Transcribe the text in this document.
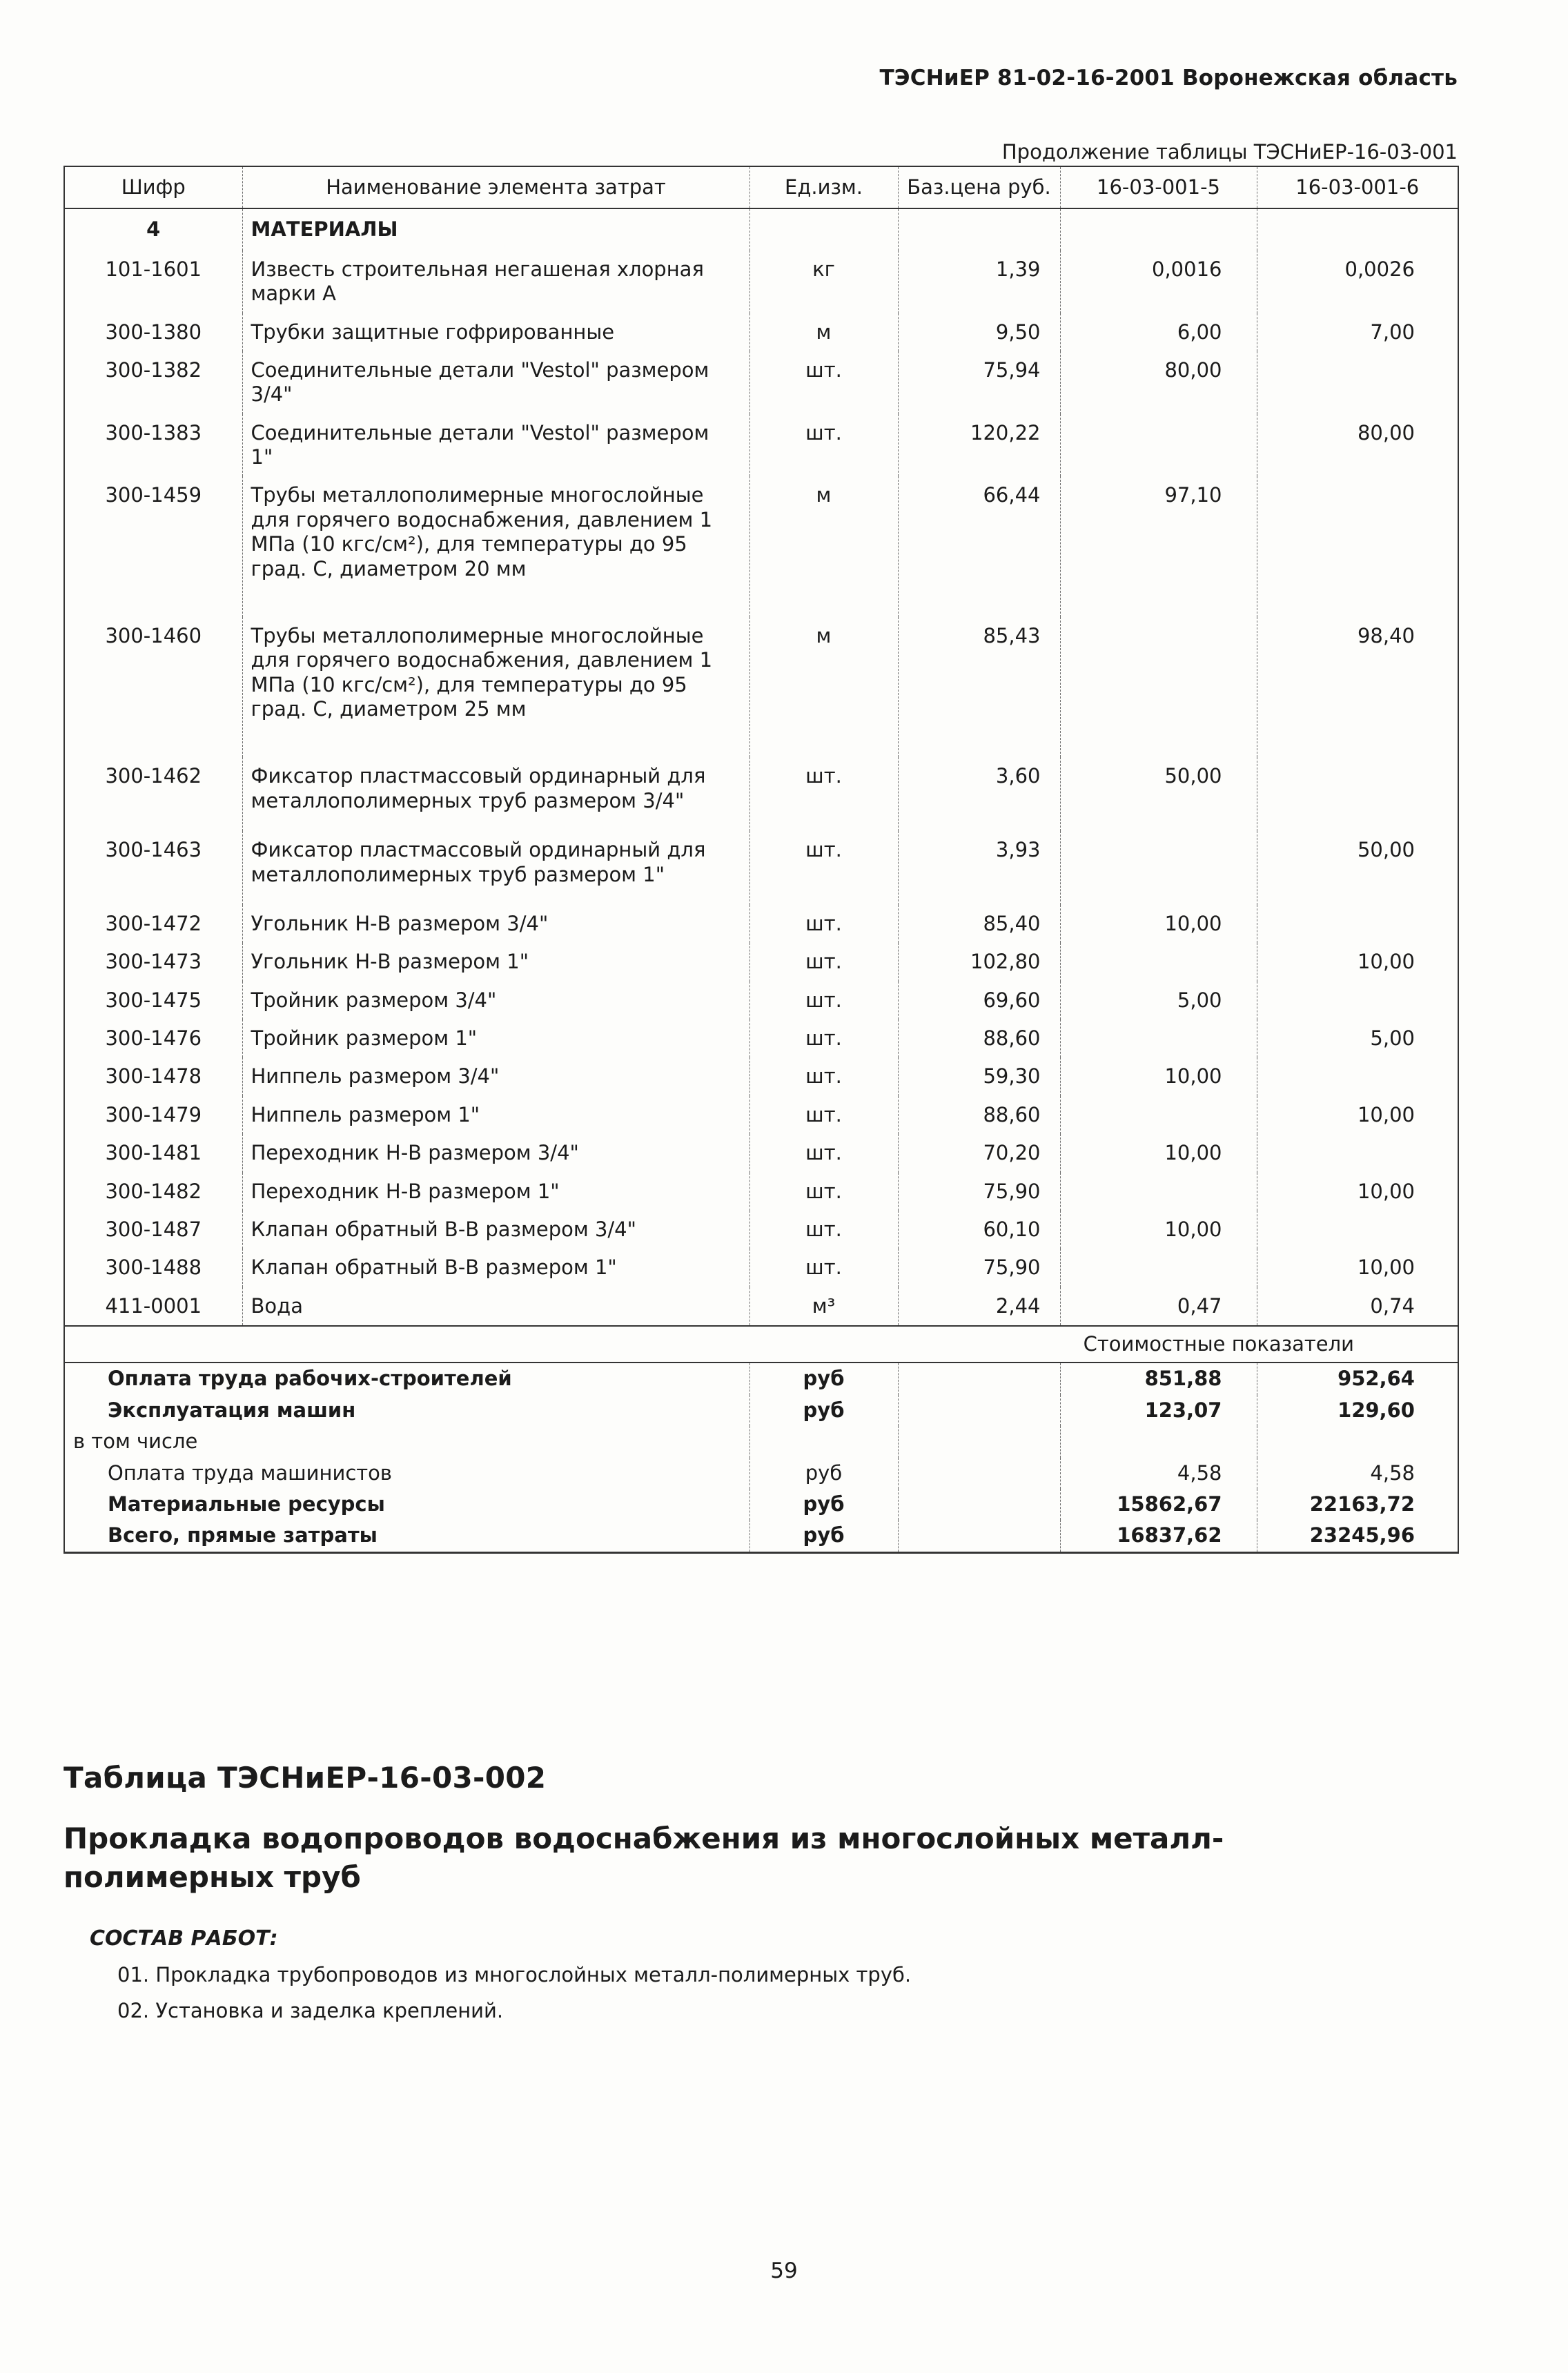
ТЭСНиЕР 81-02-16-2001 Воронежская область
Продолжение таблицы ТЭСНиЕР-16-03-001
Шифр	Наименование элемента затрат	Ед.изм.	Баз.цена руб.	16-03-001-5	16-03-001-6
4	МАТЕРИАЛЫ				
101-1601	Известь строительная негашеная хлорная марки А	кг	1,39	0,0016	0,0026
300-1380	Трубки защитные гофрированные	м	9,50	6,00	7,00
300-1382	Соединительные детали "Vestol" размером 3/4"	шт.	75,94	80,00	
300-1383	Соединительные детали "Vestol" размером 1"	шт.	120,22		80,00
300-1459	Трубы металлополимерные многослойные для горячего водоснабжения, давлением 1 МПа (10 кгс/см²), для температуры до 95 град. С, диаметром 20 мм	м	66,44	97,10	
300-1460	Трубы металлополимерные многослойные для горячего водоснабжения, давлением 1 МПа (10 кгс/см²), для температуры до 95 град. С, диаметром 25 мм	м	85,43		98,40
300-1462	Фиксатор пластмассовый ординарный для металлополимерных труб размером 3/4"	шт.	3,60	50,00	
300-1463	Фиксатор пластмассовый ординарный для металлополимерных труб размером 1"	шт.	3,93		50,00
300-1472	Угольник Н-В размером 3/4"	шт.	85,40	10,00	
300-1473	Угольник Н-В размером 1"	шт.	102,80		10,00
300-1475	Тройник размером 3/4"	шт.	69,60	5,00	
300-1476	Тройник размером 1"	шт.	88,60		5,00
300-1478	Ниппель размером 3/4"	шт.	59,30	10,00	
300-1479	Ниппель размером 1"	шт.	88,60		10,00
300-1481	Переходник Н-В размером 3/4"	шт.	70,20	10,00	
300-1482	Переходник Н-В размером 1"	шт.	75,90		10,00
300-1487	Клапан обратный В-В размером 3/4"	шт.	60,10	10,00	
300-1488	Клапан обратный В-В размером 1"	шт.	75,90		10,00
411-0001	Вода	м³	2,44	0,47	0,74
Стоимостные показатели					
Оплата труда рабочих-строителей		руб		851,88	952,64
Эксплуатация машин		руб		123,07	129,60
в том числе					
Оплата труда машинистов		руб		4,58	4,58
Материальные ресурсы		руб		15862,67	22163,72
Всего, прямые затраты		руб		16837,62	23245,96
Таблица ТЭСНиЕР-16-03-002
Прокладка водопроводов водоснабжения из многослойных металл-
полимерных труб
СОСТАВ РАБОТ:
01. Прокладка трубопроводов из многослойных металл-полимерных труб.
02. Установка и заделка креплений.
59
